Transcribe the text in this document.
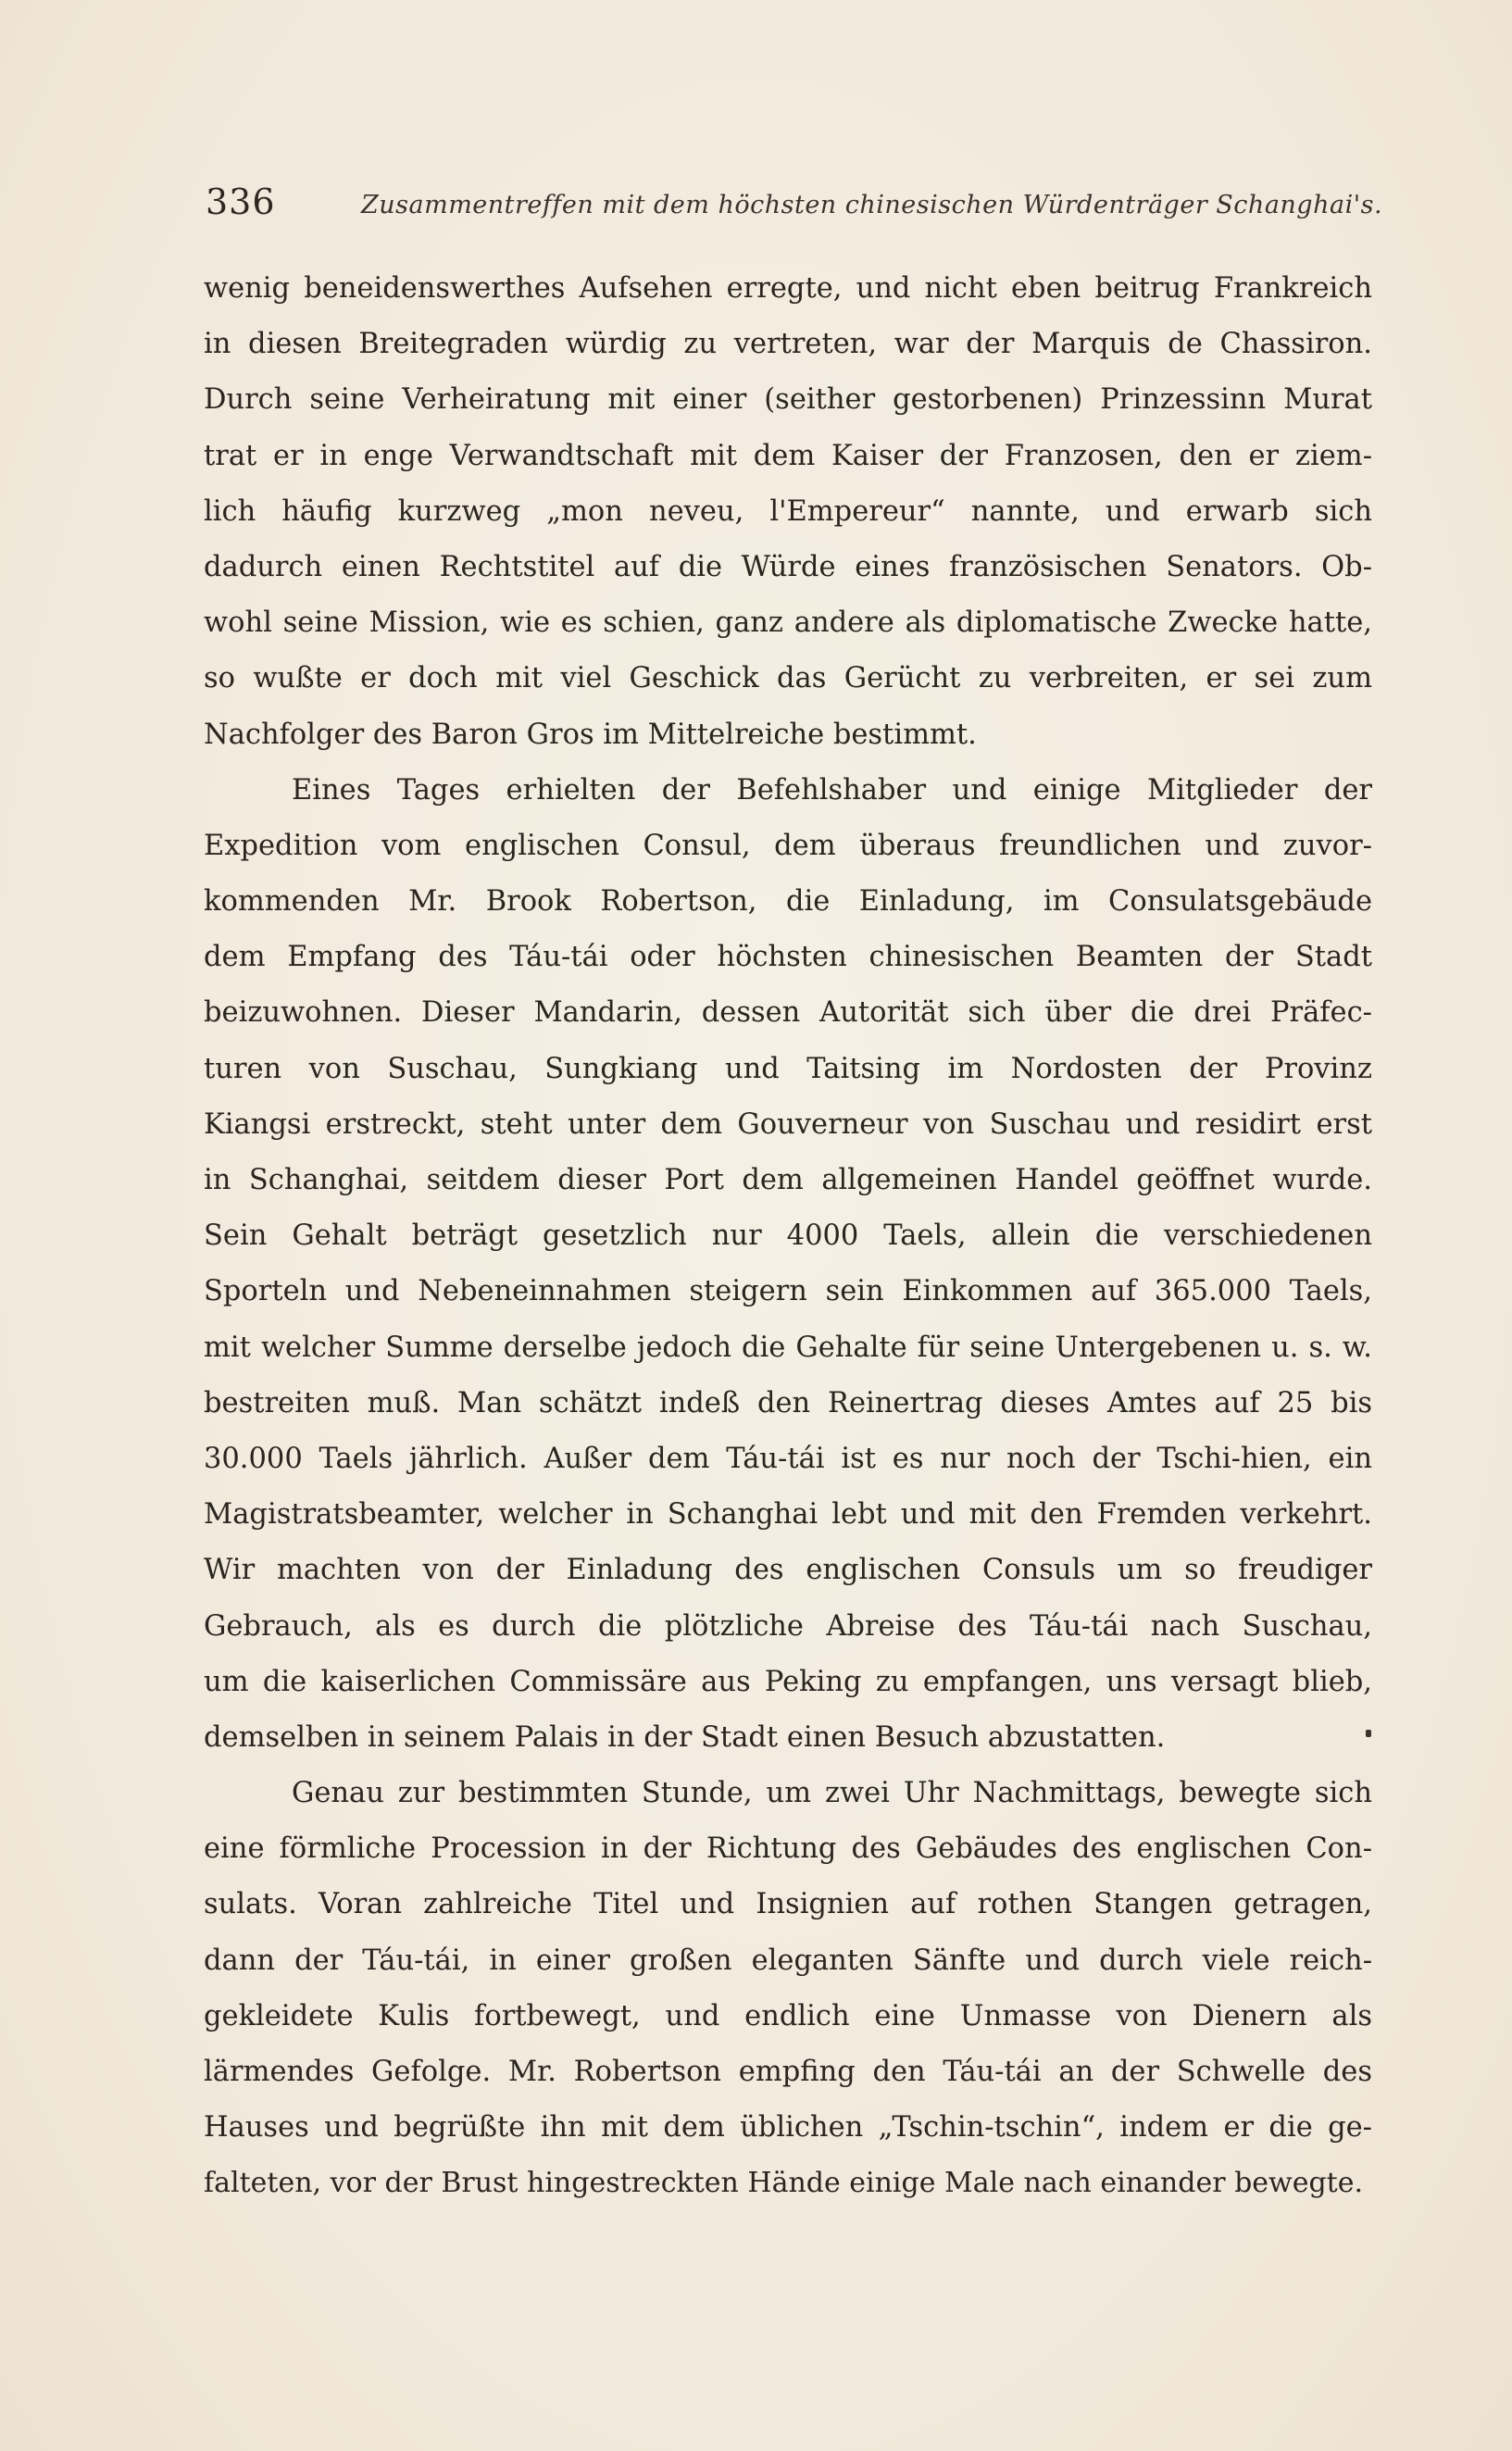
336	Zusammentreffen mit dem höchsten chinesischen Würdenträger Schanghai's.
wenig beneidenswerthes Aufsehen erregte, und nicht eben beitrug Frankreich
in diesen Breitegraden würdig zu vertreten, war der Marquis de Chassiron.
Durch seine Verheiratung mit einer (seither gestorbenen) Prinzessinn Murat
trat er in enge Verwandtschaft mit dem Kaiser der Franzosen, den er ziem-
lich häufig kurzweg „mon neveu, l'Empereur“ nannte, und erwarb sich
dadurch einen Rechtstitel auf die Würde eines französischen Senators. Ob-
wohl seine Mission, wie es schien, ganz andere als diplomatische Zwecke hatte,
so wußte er doch mit viel Geschick das Gerücht zu verbreiten, er sei zum
Nachfolger des Baron Gros im Mittelreiche bestimmt.
Eines Tages erhielten der Befehlshaber und einige Mitglieder der
Expedition vom englischen Consul, dem überaus freundlichen und zuvor-
kommenden Mr. Brook Robertson, die Einladung, im Consulatsgebäude
dem Empfang des Táu-tái oder höchsten chinesischen Beamten der Stadt
beizuwohnen. Dieser Mandarin, dessen Autorität sich über die drei Präfec-
turen von Suschau, Sungkiang und Taitsing im Nordosten der Provinz
Kiangsi erstreckt, steht unter dem Gouverneur von Suschau und residirt erst
in Schanghai, seitdem dieser Port dem allgemeinen Handel geöffnet wurde.
Sein Gehalt beträgt gesetzlich nur 4000 Taels, allein die verschiedenen
Sporteln und Nebeneinnahmen steigern sein Einkommen auf 365.000 Taels,
mit welcher Summe derselbe jedoch die Gehalte für seine Untergebenen u. s. w.
bestreiten muß. Man schätzt indeß den Reinertrag dieses Amtes auf 25 bis
30.000 Taels jährlich. Außer dem Táu-tái ist es nur noch der Tschi-hien, ein
Magistratsbeamter, welcher in Schanghai lebt und mit den Fremden verkehrt.
Wir machten von der Einladung des englischen Consuls um so freudiger
Gebrauch, als es durch die plötzliche Abreise des Táu-tái nach Suschau,
um die kaiserlichen Commissäre aus Peking zu empfangen, uns versagt blieb,
demselben in seinem Palais in der Stadt einen Besuch abzustatten.
Genau zur bestimmten Stunde, um zwei Uhr Nachmittags, bewegte sich
eine förmliche Procession in der Richtung des Gebäudes des englischen Con-
sulats. Voran zahlreiche Titel und Insignien auf rothen Stangen getragen,
dann der Táu-tái, in einer großen eleganten Sänfte und durch viele reich-
gekleidete Kulis fortbewegt, und endlich eine Unmasse von Dienern als
lärmendes Gefolge. Mr. Robertson empfing den Táu-tái an der Schwelle des
Hauses und begrüßte ihn mit dem üblichen „Tschin-tschin“, indem er die ge-
falteten, vor der Brust hingestreckten Hände einige Male nach einander bewegte.
